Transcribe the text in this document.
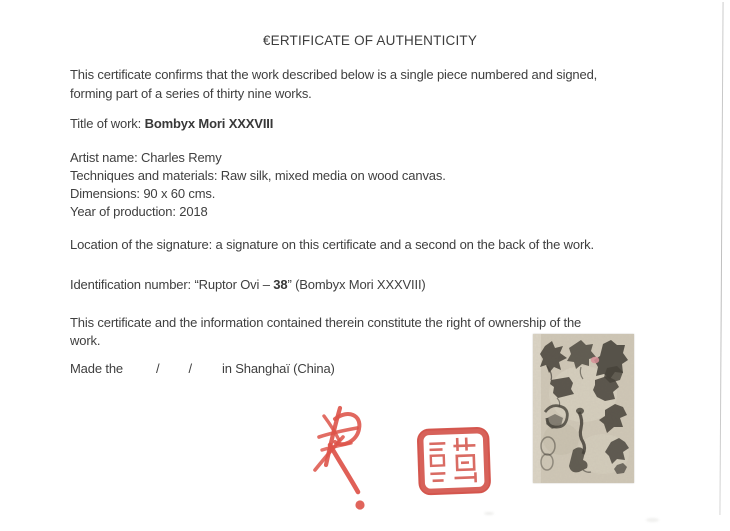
€ERTIFICATE OF AUTHENTICITY
This certificate confirms that the work described below is a single piece numbered and signed,
forming part of a series of thirty nine works.
Title of work: Bombyx Mori XXXVIII
Artist name: Charles Remy
Techniques and materials: Raw silk, mixed media on wood canvas.
Dimensions: 90 x 60 cms.
Year of production: 2018
Location of the signature: a signature on this certificate and a second on the back of the work.
Identification number: “Ruptor Ovi – 38” (Bombyx Mori XXXVIII)
This certificate and the information contained therein constitute the right of ownership of the
work.
Made the	/ / in Shanghaï (China)
